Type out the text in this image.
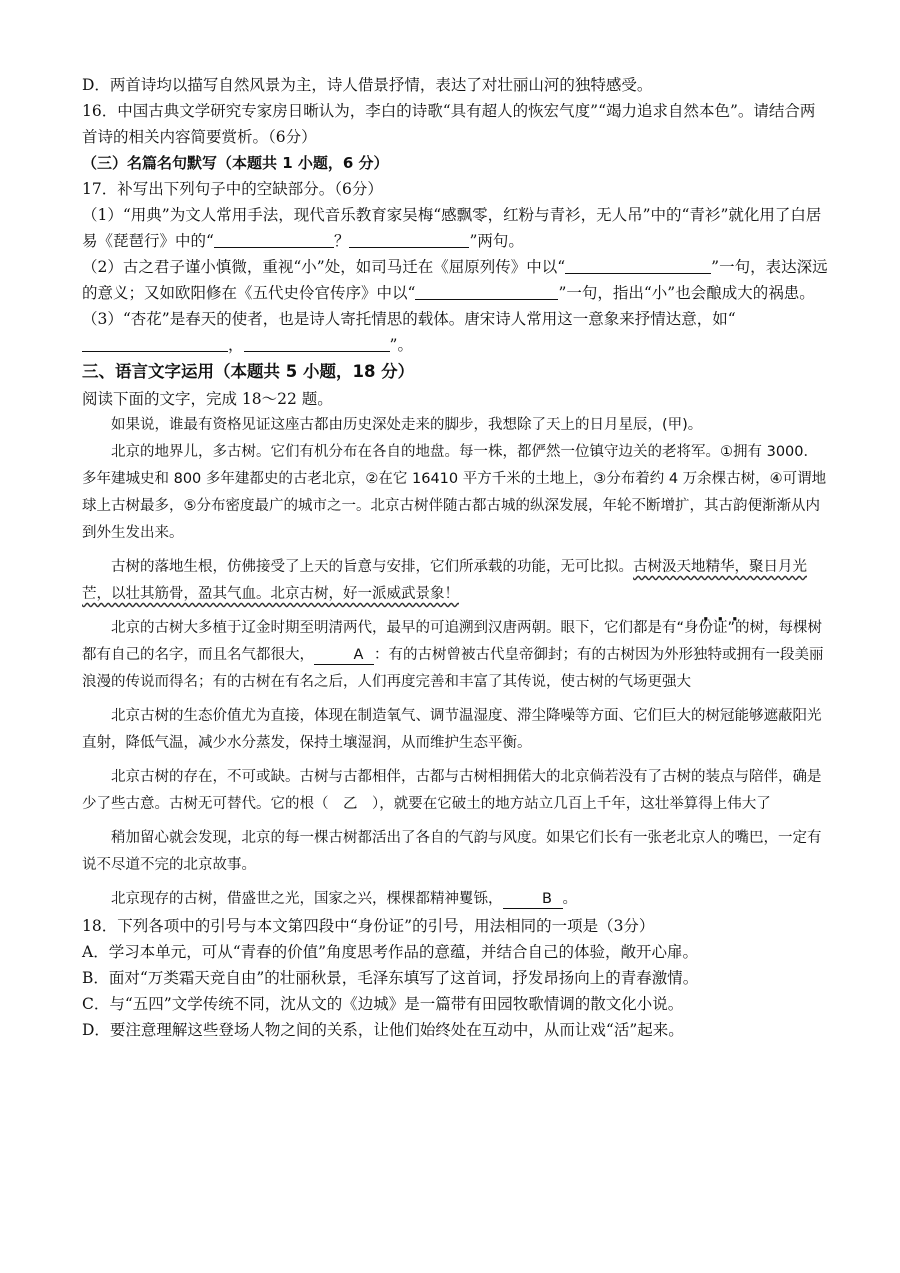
D．两首诗均以描写自然风景为主，诗人借景抒情，表达了对壮丽山河的独特感受。

16．中国古典文学研究专家房日晰认为，李白的诗歌“具有超人的恢宏气度”“竭力追求自然本色”。请结合两首诗的相关内容简要赏析。（6分）

（三）名篇名句默写（本题共 1 小题，6 分）

17．补写出下列句子中的空缺部分。（6分）

（1）“用典”为文人常用手法，现代音乐教育家吴梅“感飘零，红粉与青衫，无人吊”中的“青衫”就化用了白居易《琵琶行》中的“	？	”两句。

（2）古之君子谨小慎微，重视“小”处，如司马迁在《屈原列传》中以“	”一句，表达深远的意义；又如欧阳修在《五代史伶官传序》中以“	”一句，指出“小”也会酿成大的祸患。

（3）“杏花”是春天的使者，也是诗人寄托情思的载体。唐宋诗人常用这一意象来抒情达意，如“，	”。

三、语言文字运用（本题共 5 小题，18 分）

阅读下面的文字，完成 18～22 题。

如果说，谁最有资格见证这座古都由历史深处走来的脚步，我想除了天上的日月星辰，(甲)。

北京的地界儿，多古树。它们有机分布在各自的地盘。每一株，都俨然一位镇守边关的老将军。①拥有 3000．多年建城史和 800 多年建都史的古老北京，②在它 16410 平方千米的土地上，③分布着约 4 万余棵古树，④可谓地球上古树最多，⑤分布密度最广的城市之一。北京古树伴随古都古城的纵深发展，年轮不断增扩，其古韵便渐渐从内到外生发出来。

古树的落地生根，仿佛接受了上天的旨意与安排，它们所承载的功能，无可比拟。古树汲天地精华，聚日月光芒，以壮其筋骨，盈其气血。北京古树，好一派威武景象！

北京的古树大多植于辽金时期至明清两代，最早的可追溯到汉唐两朝。眼下，它们都是有“身份证”的树，每棵树都有自己的名字，而且名气都很大，	A ：有的古树曾被古代皇帝御封；有的古树因为外形独特或拥有一段美丽浪漫的传说而得名；有的古树在有名之后，人们再度完善和丰富了其传说，使古树的气场更强大

北京古树的生态价值尤为直接，体现在制造氧气、调节温湿度、滞尘降噪等方面、它们巨大的树冠能够遮蔽阳光直射，降低气温，减少水分蒸发，保持土壤湿润，从而维护生态平衡。

北京古树的存在，不可或缺。古树与古都相伴，古都与古树相拥偌大的北京倘若没有了古树的装点与陪伴，确是少了些古意。古树无可替代。它的根（　乙　），就要在它破土的地方站立几百上千年，这壮举算得上伟大了

稍加留心就会发现，北京的每一棵古树都活出了各自的气韵与风度。如果它们长有一张老北京人的嘴巴，一定有说不尽道不完的北京故事。

北京现存的古树，借盛世之光，国家之兴，棵棵都精神矍铄，	B 。

18．下列各项中的引号与本文第四段中“身份证”的引号，用法相同的一项是（3分）

A．学习本单元，可从“青春的价值”角度思考作品的意蕴，并结合自己的体验，敞开心扉。

B．面对“万类霜天竞自由”的壮丽秋景，毛泽东填写了这首词，抒发昂扬向上的青春激情。

C．与“五四”文学传统不同，沈从文的《边城》是一篇带有田园牧歌情调的散文化小说。

D．要注意理解这些登场人物之间的关系，让他们始终处在互动中，从而让戏“活”起来。
